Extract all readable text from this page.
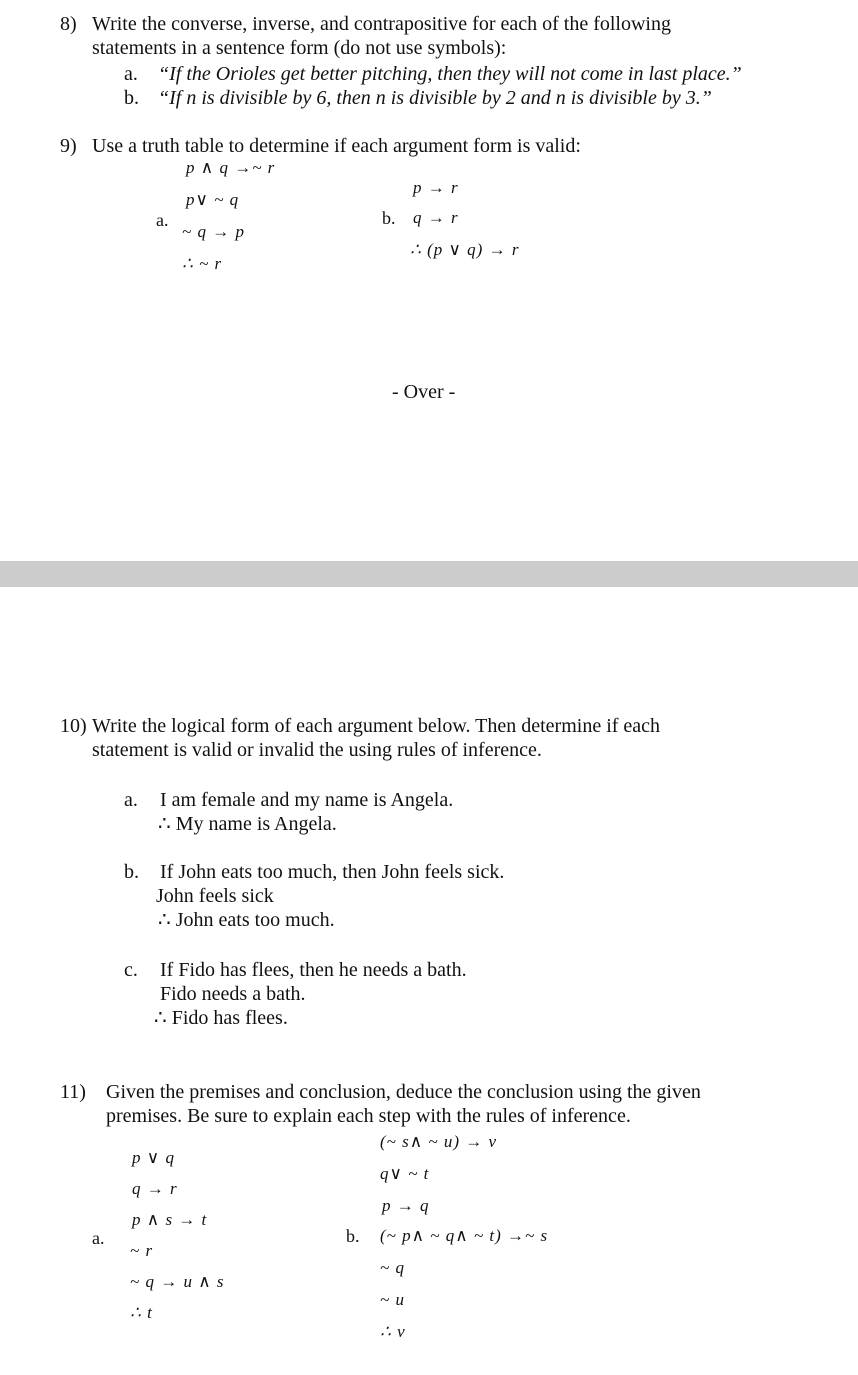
8) Write the converse, inverse, and contrapositive for each of the following
statements in a sentence form (do not use symbols):
a. “If the Orioles get better pitching, then they will not come in last place.”
b. “If n is divisible by 6, then n is divisible by 2 and n is divisible by 3.”
9) Use a truth table to determine if each argument form is valid:
a.
p ∧ q →~ r
p∨ ~ q
~ q → p
∴ ~ r
b.
p → r
q → r
∴ (p ∨ q) → r
- Over -
10) Write the logical form of each argument below. Then determine if each
statement is valid or invalid the using rules of inference.
a. I am female and my name is Angela.
∴ My name is Angela.
b. If John eats too much, then John feels sick.
John feels sick
∴ John eats too much.
c. If Fido has flees, then he needs a bath.
Fido needs a bath.
∴ Fido has flees.
11) Given the premises and conclusion, deduce the conclusion using the given
premises. Be sure to explain each step with the rules of inference.
a.
p ∨ q
q → r
p ∧ s → t
~ r
~ q → u ∧ s
∴ t
b.
(~ s∧ ~ u) → v
q∨ ~ t
p → q
(~ p∧ ~ q∧ ~ t) →~ s
~ q
~ u
∴ v
